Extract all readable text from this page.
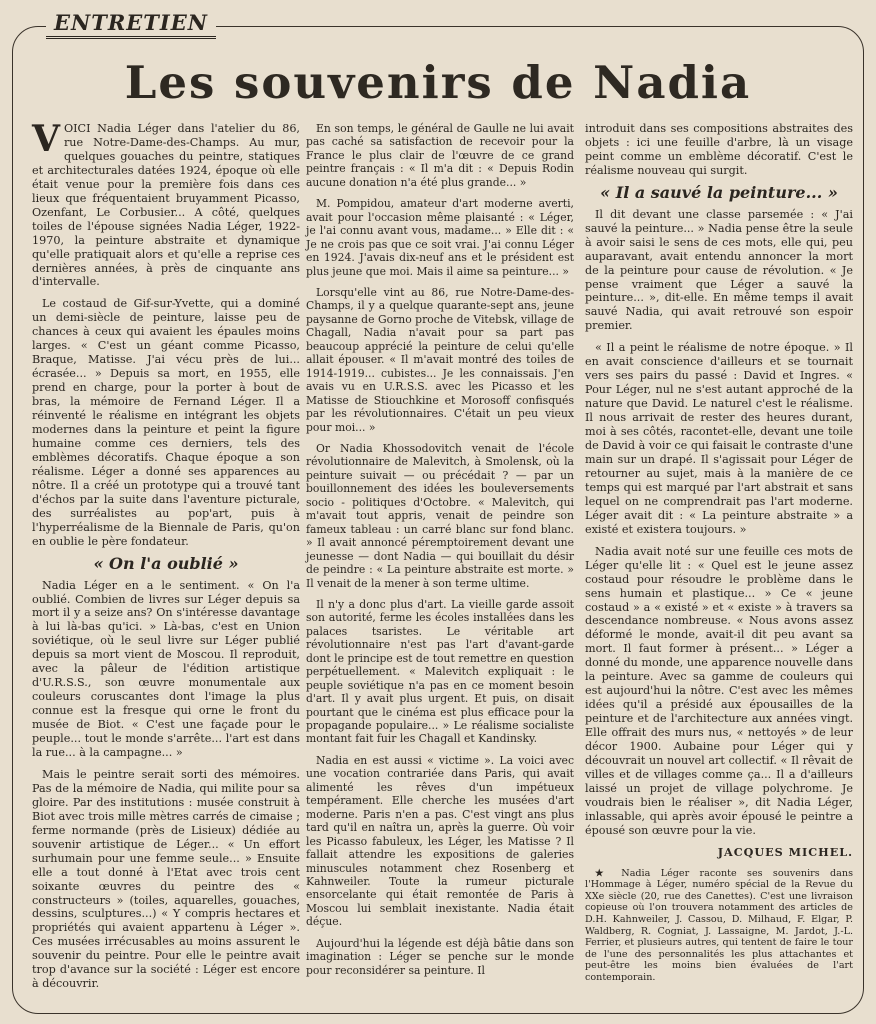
ENTRETIEN
Les souvenirs de Nadia

VOICI Nadia Léger dans l'atelier du 86, rue Notre-Dame-des-Champs. Au mur, quelques gouaches du peintre, statiques et architecturales datées 1924, époque où elle était venue pour la première fois dans ces lieux que fréquentaient bruyamment Picasso, Ozenfant, Le Corbusier... A côté, quelques toiles de l'épouse signées Nadia Léger, 1922-1970, la peinture abstraite et dynamique qu'elle pratiquait alors et qu'elle a reprise ces dernières années, à près de cinquante ans d'intervalle.

Le costaud de Gif-sur-Yvette, qui a dominé un demi-siècle de peinture, laisse peu de chances à ceux qui avaient les épaules moins larges. « C'est un géant comme Picasso, Braque, Matisse. J'ai vécu près de lui... écrasée... » Depuis sa mort, en 1955, elle prend en charge, pour la porter à bout de bras, la mémoire de Fernand Léger. Il a réinventé le réalisme en intégrant les objets modernes dans la peinture et peint la figure humaine comme ces derniers, tels des emblèmes décoratifs. Chaque époque a son réalisme. Léger a donné ses apparences au nôtre. Il a créé un prototype qui a trouvé tant d'échos par la suite dans l'aventure picturale, des surréalistes au pop'art, puis à l'hyperréalisme de la Biennale de Paris, qu'on en oublie le père fondateur.

« On l'a oublié »

Nadia Léger en a le sentiment. « On l'a oublié. Combien de livres sur Léger depuis sa mort il y a seize ans? On s'intéresse davantage à lui là-bas qu'ici. » Là-bas, c'est en Union soviétique, où le seul livre sur Léger publié depuis sa mort vient de Moscou. Il reproduit, avec la pâleur de l'édition artistique d'U.R.S.S., son œuvre monumentale aux couleurs coruscantes dont l'image la plus connue est la fresque qui orne le front du musée de Biot. « C'est une façade pour le peuple... tout le monde s'arrête... l'art est dans la rue... à la campagne... »

Mais le peintre serait sorti des mémoires. Pas de la mémoire de Nadia, qui milite pour sa gloire. Par des institutions : musée construit à Biot avec trois mille mètres carrés de cimaise ; ferme normande (près de Lisieux) dédiée au souvenir artistique de Léger... « Un effort surhumain pour une femme seule... » Ensuite elle a tout donné à l'Etat avec trois cent soixante œuvres du peintre des « constructeurs » (toiles, aquarelles, gouaches, dessins, sculptures...) « Y compris hectares et propriétés qui avaient appartenu à Léger ». Ces musées irrécusables au moins assurent le souvenir du peintre. Pour elle le peintre avait trop d'avance sur la société : Léger est encore à découvrir.

En son temps, le général de Gaulle ne lui avait pas caché sa satisfaction de recevoir pour la France le plus clair de l'œuvre de ce grand peintre français : « Il m'a dit : « Depuis Rodin aucune donation n'a été plus grande... »

M. Pompidou, amateur d'art moderne averti, avait pour l'occasion même plaisanté : « Léger, je l'ai connu avant vous, madame... » Elle dit : « Je ne crois pas que ce soit vrai. J'ai connu Léger en 1924. J'avais dix-neuf ans et le président est plus jeune que moi. Mais il aime sa peinture... »

Lorsqu'elle vint au 86, rue Notre-Dame-des-Champs, il y a quelque quarante-sept ans, jeune paysanne de Gorno proche de Vitebsk, village de Chagall, Nadia n'avait pour sa part pas beaucoup apprécié la peinture de celui qu'elle allait épouser. « Il m'avait montré des toiles de 1914-1919... cubistes... Je les connaissais. J'en avais vu en U.R.S.S. avec les Picasso et les Matisse de Stiouchkine et Morosoff confisqués par les révolutionnaires. C'était un peu vieux pour moi... »

Or Nadia Khossodovitch venait de l'école révolutionnaire de Malevitch, à Smolensk, où la peinture suivait — ou précédait ? — par un bouillonnement des idées les bouleversements socio - politiques d'Octobre. « Malevitch, qui m'avait tout appris, venait de peindre son fameux tableau : un carré blanc sur fond blanc. » Il avait annoncé péremptoirement devant une jeunesse — dont Nadia — qui bouillait du désir de peindre : « La peinture abstraite est morte. » Il venait de la mener à son terme ultime.

Il n'y a donc plus d'art. La vieille garde assoit son autorité, ferme les écoles installées dans les palaces tsaristes. Le véritable art révolutionnaire n'est pas l'art d'avant-garde dont le principe est de tout remettre en question perpétuellement. « Malevitch expliquait : le peuple soviétique n'a pas en ce moment besoin d'art. Il y avait plus urgent. Et puis, on disait pourtant que le cinéma est plus efficace pour la propagande populaire... » Le réalisme socialiste montant fait fuir les Chagall et Kandinsky.

Nadia en est aussi « victime ». La voici avec une vocation contrariée dans Paris, qui avait alimenté les rêves d'un impétueux tempérament. Elle cherche les musées d'art moderne. Paris n'en a pas. C'est vingt ans plus tard qu'il en naîtra un, après la guerre. Où voir les Picasso fabuleux, les Léger, les Matisse ? Il fallait attendre les expositions de galeries minuscules notamment chez Rosenberg et Kahnweiler. Toute la rumeur picturale ensorcelante qui était remontée de Paris à Moscou lui semblait inexistante. Nadia était déçue.

Aujourd'hui la légende est déjà bâtie dans son imagination : Léger se penche sur le monde pour reconsidérer sa peinture. Il

introduit dans ses compositions abstraites des objets : ici une feuille d'arbre, là un visage peint comme un emblème décoratif. C'est le réalisme nouveau qui surgit.

« Il a sauvé la peinture... »

Il dit devant une classe parsemée : « J'ai sauvé la peinture... » Nadia pense être la seule à avoir saisi le sens de ces mots, elle qui, peu auparavant, avait entendu annoncer la mort de la peinture pour cause de révolution. « Je pense vraiment que Léger a sauvé la peinture... », dit-elle. En même temps il avait sauvé Nadia, qui avait retrouvé son espoir premier.

« Il a peint le réalisme de notre époque. » Il en avait conscience d'ailleurs et se tournait vers ses pairs du passé : David et Ingres. « Pour Léger, nul ne s'est autant approché de la nature que David. Le naturel c'est le réalisme. Il nous arrivait de rester des heures durant, moi à ses côtés, racontet-elle, devant une toile de David à voir ce qui faisait le contraste d'une main sur un drapé. Il s'agissait pour Léger de retourner au sujet, mais à la manière de ce temps qui est marqué par l'art abstrait et sans lequel on ne comprendrait pas l'art moderne. Léger avait dit : « La peinture abstraite » a existé et existera toujours. »

Nadia avait noté sur une feuille ces mots de Léger qu'elle lit : « Quel est le jeune assez costaud pour résoudre le problème dans le sens humain et plastique... » Ce « jeune costaud » a « existé » et « existe » à travers sa descendance nombreuse. « Nous avons assez déformé le monde, avait-il dit peu avant sa mort. Il faut former à présent... » Léger a donné du monde, une apparence nouvelle dans la peinture. Avec sa gamme de couleurs qui est aujourd'hui la nôtre. C'est avec les mêmes idées qu'il a présidé aux épousailles de la peinture et de l'architecture aux années vingt. Elle offrait des murs nus, « nettoyés » de leur décor 1900. Aubaine pour Léger qui y découvrait un nouvel art collectif. « Il rêvait de villes et de villages comme ça... Il a d'ailleurs laissé un projet de village polychrome. Je voudrais bien le réaliser », dit Nadia Léger, inlassable, qui après avoir épousé le peintre a épousé son œuvre pour la vie.

JACQUES MICHEL.

★ Nadia Léger raconte ses souvenirs dans l'Hommage à Léger, numéro spécial de la Revue du XXe siècle (20, rue des Canettes). C'est une livraison copieuse où l'on trouvera notamment des articles de D.H. Kahnweiler, J. Cassou, D. Milhaud, F. Elgar, P. Waldberg, R. Cogniat, J. Lassaigne, M. Jardot, J.-L. Ferrier, et plusieurs autres, qui tentent de faire le tour de l'une des personnalités les plus attachantes et peut-être les moins bien évaluées de l'art contemporain.
